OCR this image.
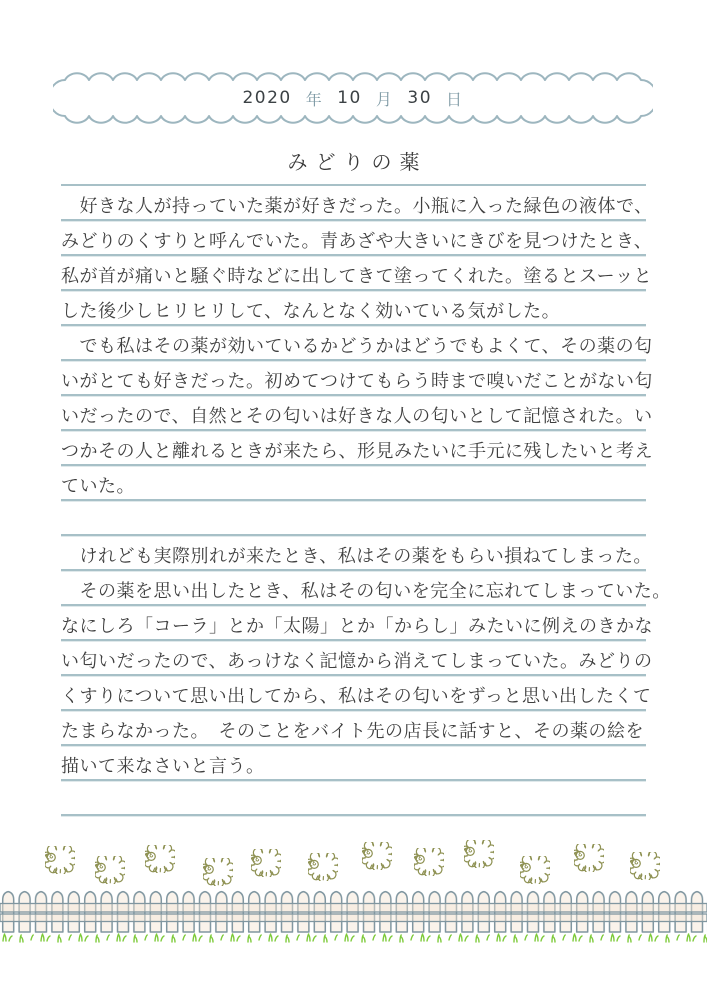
2020 年 10 月 30 日
みどりの薬
　好きな人が持っていた薬が好きだった。小瓶に入った緑色の液体で、
みどりのくすりと呼んでいた。青あざや大きいにきびを見つけたとき、
私が首が痛いと騒ぐ時などに出してきて塗ってくれた。塗るとスーッと
した後少しヒリヒリして、なんとなく効いている気がした。
　でも私はその薬が効いているかどうかはどうでもよくて、その薬の匂
いがとても好きだった。初めてつけてもらう時まで嗅いだことがない匂
いだったので、自然とその匂いは好きな人の匂いとして記憶された。い
つかその人と離れるときが来たら、形見みたいに手元に残したいと考え
ていた。
　けれども実際別れが来たとき、私はその薬をもらい損ねてしまった。
　その薬を思い出したとき、私はその匂いを完全に忘れてしまっていた。
なにしろ「コーラ」とか「太陽」とか「からし」みたいに例えのきかな
い匂いだったので、あっけなく記憶から消えてしまっていた。みどりの
くすりについて思い出してから、私はその匂いをずっと思い出したくて
たまらなかった。　そのことをバイト先の店長に話すと、その薬の絵を
描いて来なさいと言う。
